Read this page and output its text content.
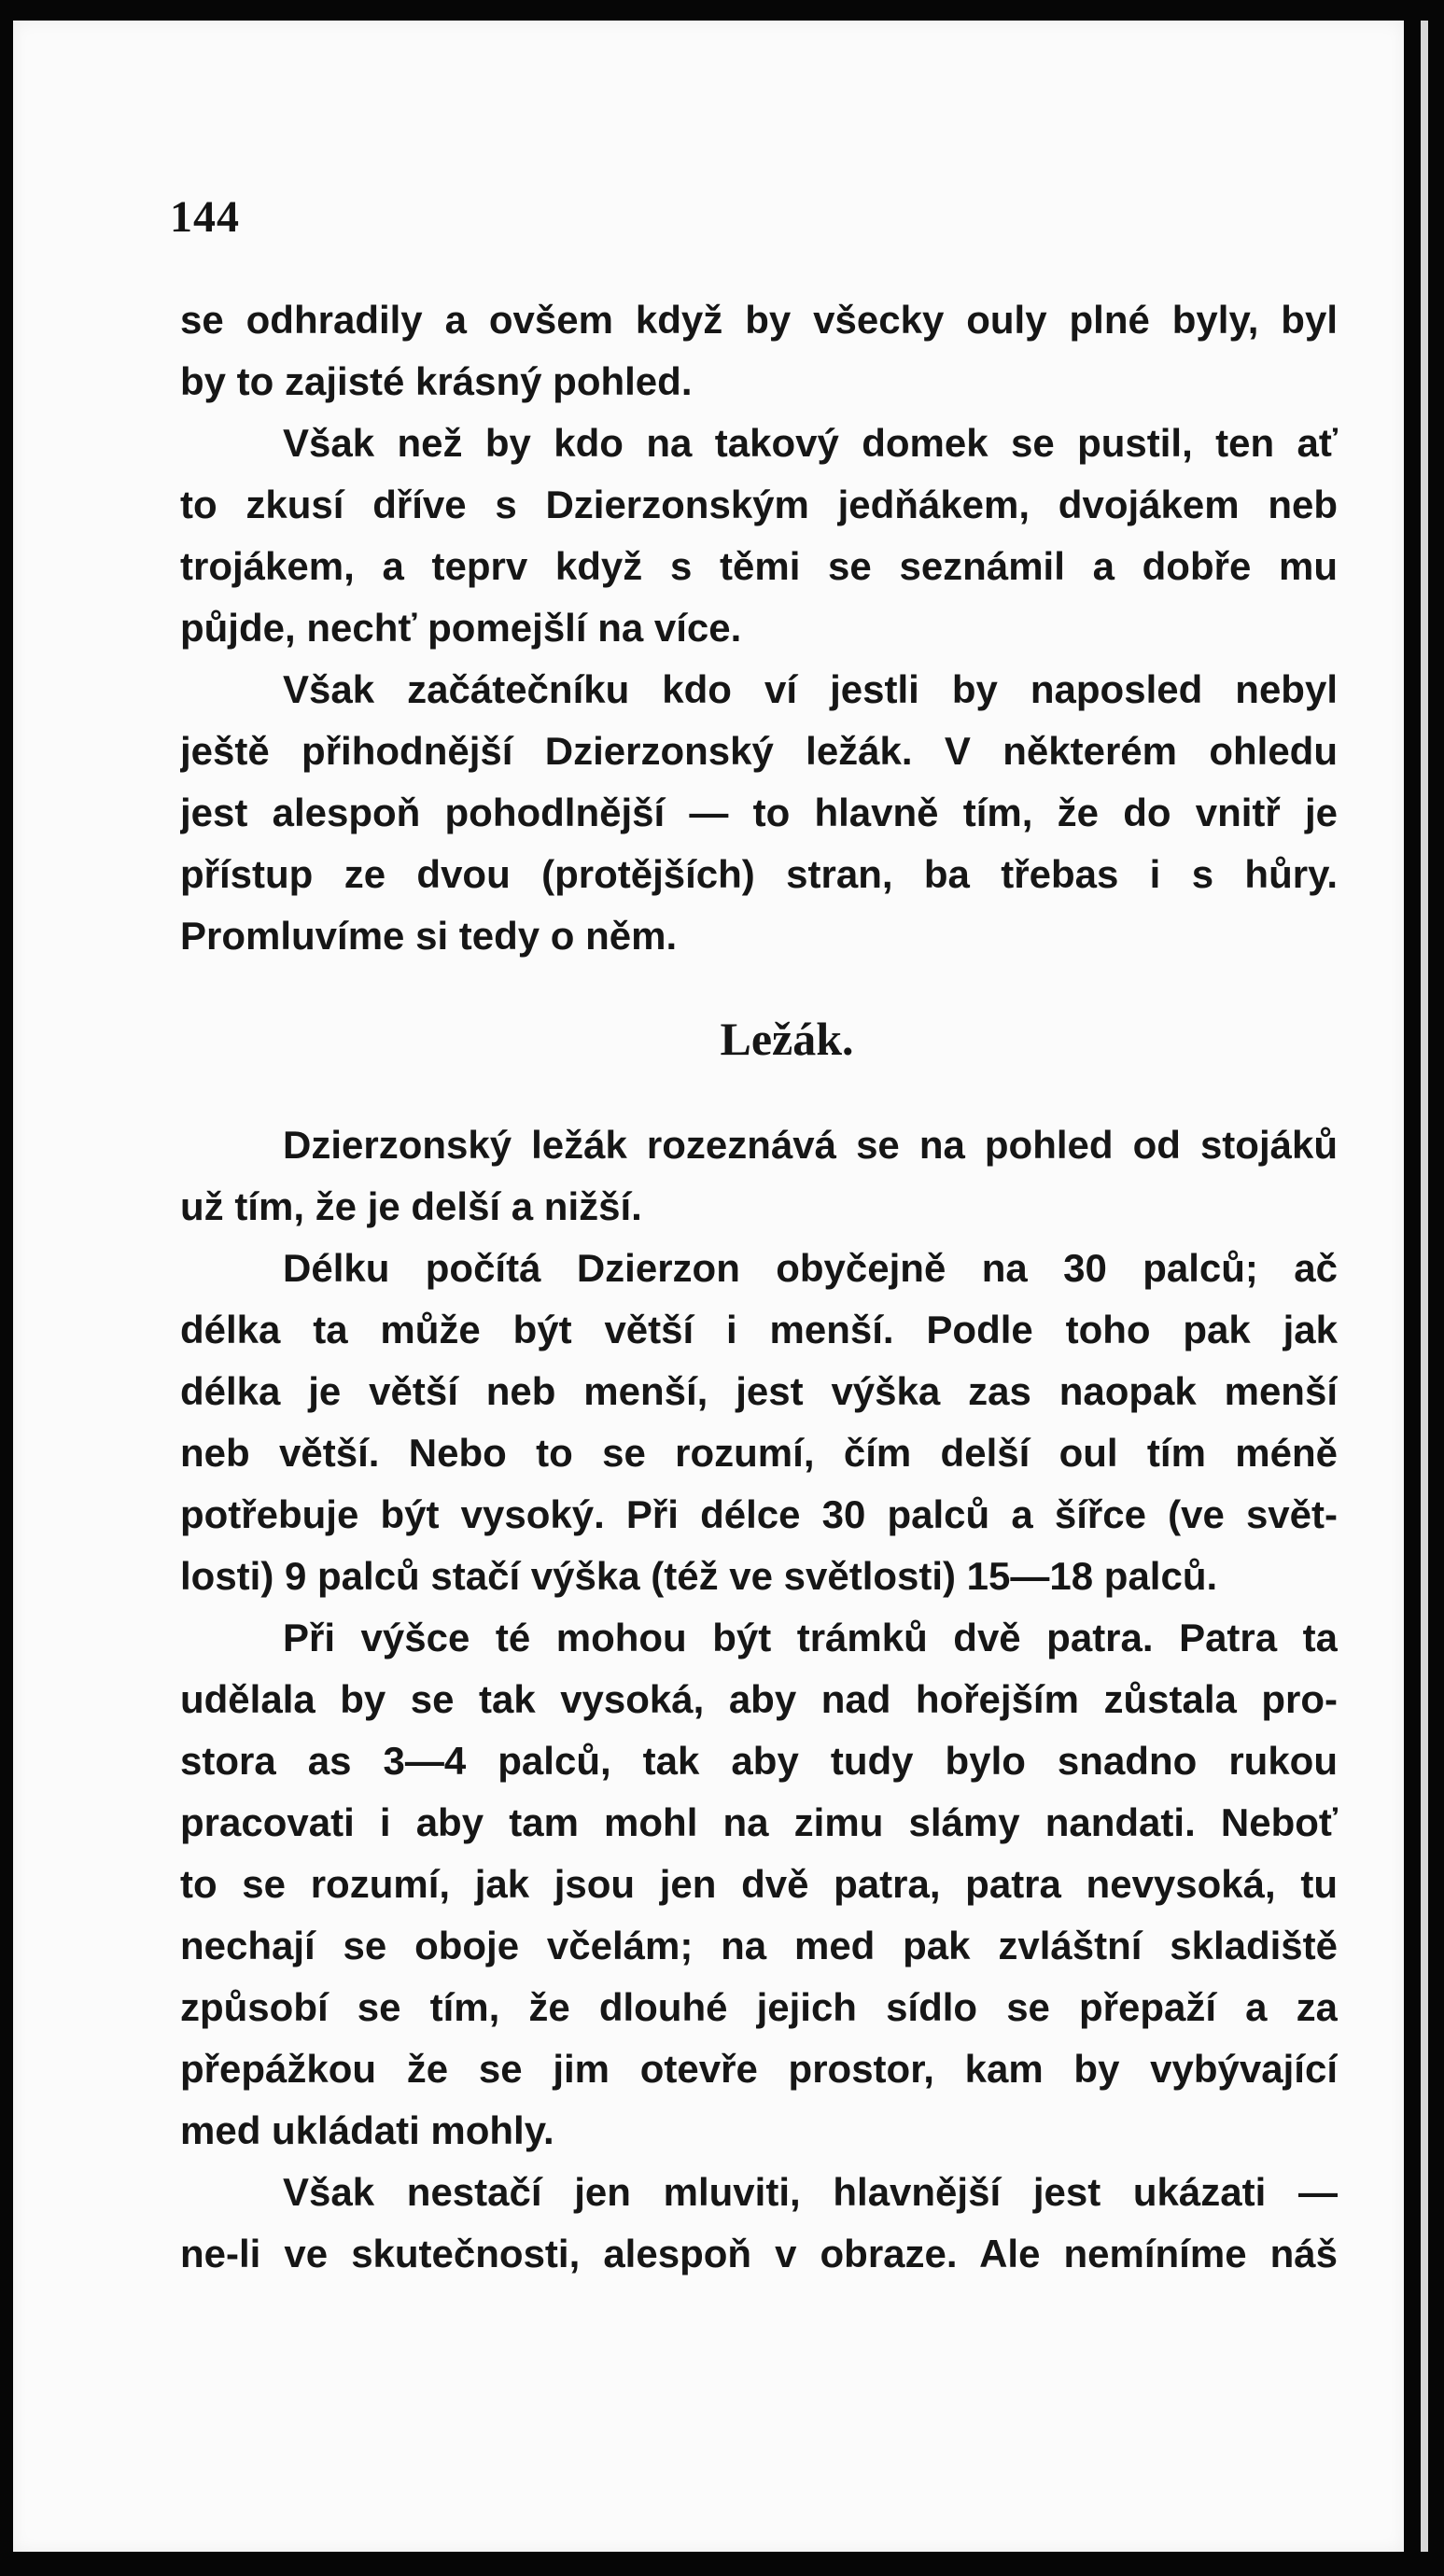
144
se odhradily a ovšem když by všecky ouly plné byly, byl
by to zajisté krásný pohled.
Však než by kdo na takový domek se pustil, ten ať
to zkusí dříve s Dzierzonským jedňákem, dvojákem neb
trojákem, a teprv když s těmi se seznámil a dobře mu
půjde, nechť pomejšlí na více.
Však začátečníku kdo ví jestli by naposled nebyl
ještě přihodnější Dzierzonský ležák. V některém ohledu
jest alespoň pohodlnější — to hlavně tím, že do vnitř je
přístup ze dvou (protějších) stran, ba třebas i s hůry.
Promluvíme si tedy o něm.
Ležák.
Dzierzonský ležák rozeznává se na pohled od stojáků
už tím, že je delší a nižší.
Délku počítá Dzierzon obyčejně na 30 palců; ač
délka ta může být větší i menší. Podle toho pak jak
délka je větší neb menší, jest výška zas naopak menší
neb větší. Nebo to se rozumí, čím delší oul tím méně
potřebuje být vysoký. Při délce 30 palců a šířce (ve svět-
losti) 9 palců stačí výška (též ve světlosti) 15—18 palců.
Při výšce té mohou být trámků dvě patra. Patra ta
udělala by se tak vysoká, aby nad hořejším zůstala pro-
stora as 3—4 palců, tak aby tudy bylo snadno rukou
pracovati i aby tam mohl na zimu slámy nandati. Neboť
to se rozumí, jak jsou jen dvě patra, patra nevysoká, tu
nechají se oboje včelám; na med pak zvláštní skladiště
způsobí se tím, že dlouhé jejich sídlo se přepaží a za
přepážkou že se jim otevře prostor, kam by vybývající
med ukládati mohly.
Však nestačí jen mluviti, hlavnější jest ukázati —
ne-li ve skutečnosti, alespoň v obraze. Ale nemíníme náš
